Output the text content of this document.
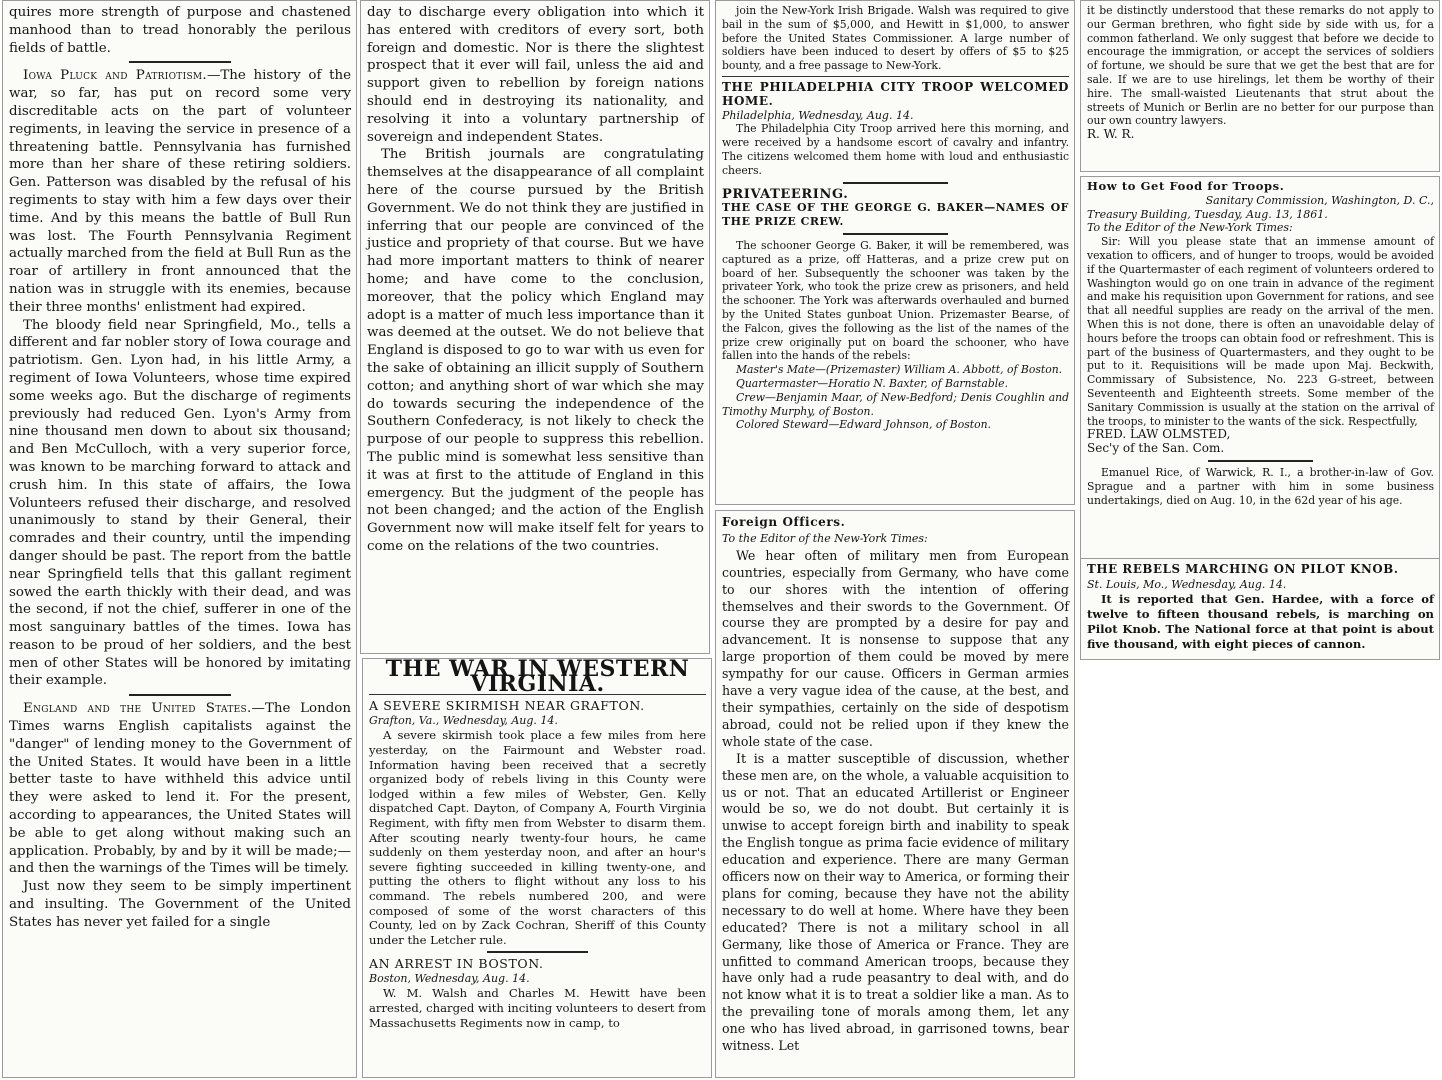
quires more strength of purpose and chastened manhood than to tread honorably the perilous fields of battle.

Iowa Pluck and Patriotism.—The history of the war, so far, has put on record some very discreditable acts on the part of volunteer regiments, in leaving the service in presence of a threatening battle. Pennsylvania has furnished more than her share of these retiring soldiers. Gen. Patterson was disabled by the refusal of his regiments to stay with him a few days over their time. And by this means the battle of Bull Run was lost. The Fourth Pennsylvania Regiment actually marched from the field at Bull Run as the roar of artillery in front announced that the nation was in struggle with its enemies, because their three months' enlistment had expired.

The bloody field near Springfield, Mo., tells a different and far nobler story of Iowa courage and patriotism. Gen. Lyon had, in his little Army, a regiment of Iowa Volunteers, whose time expired some weeks ago. But the discharge of regiments previously had reduced Gen. Lyon's Army from nine thousand men down to about six thousand; and Ben McCulloch, with a very superior force, was known to be marching forward to attack and crush him. In this state of affairs, the Iowa Volunteers refused their discharge, and resolved unanimously to stand by their General, their comrades and their country, until the impending danger should be past. The report from the battle near Springfield tells that this gallant regiment sowed the earth thickly with their dead, and was the second, if not the chief, sufferer in one of the most sanguinary battles of the times. Iowa has reason to be proud of her soldiers, and the best men of other States will be honored by imitating their example.

England and the United States.—The London Times warns English capitalists against the "danger" of lending money to the Government of the United States. It would have been in a little better taste to have withheld this advice until they were asked to lend it. For the present, according to appearances, the United States will be able to get along without making such an application. Probably, by and by it will be made;—and then the warnings of the Times will be timely.

Just now they seem to be simply impertinent and insulting. The Government of the United States has never yet failed for a single

day to discharge every obligation into which it has entered with creditors of every sort, both foreign and domestic. Nor is there the slightest prospect that it ever will fail, unless the aid and support given to rebellion by foreign nations should end in destroying its nationality, and resolving it into a voluntary partnership of sovereign and independent States.

The British journals are congratulating themselves at the disappearance of all complaint here of the course pursued by the British Government. We do not think they are justified in inferring that our people are convinced of the justice and propriety of that course. But we have had more important matters to think of nearer home; and have come to the conclusion, moreover, that the policy which England may adopt is a matter of much less importance than it was deemed at the outset. We do not believe that England is disposed to go to war with us even for the sake of obtaining an illicit supply of Southern cotton; and anything short of war which she may do towards securing the independence of the Southern Confederacy, is not likely to check the purpose of our people to suppress this rebellion. The public mind is somewhat less sensitive than it was at first to the attitude of England in this emergency. But the judgment of the people has not been changed; and the action of the English Government now will make itself felt for years to come on the relations of the two countries.

THE WAR IN WESTERN VIRGINIA.

A SEVERE SKIRMISH NEAR GRAFTON.

Grafton, Va., Wednesday, Aug. 14.

A severe skirmish took place a few miles from here yesterday, on the Fairmount and Webster road. Information having been received that a secretly organized body of rebels living in this County were lodged within a few miles of Webster, Gen. Kelly dispatched Capt. Dayton, of Company A, Fourth Virginia Regiment, with fifty men from Webster to disarm them. After scouting nearly twenty-four hours, he came suddenly on them yesterday noon, and after an hour's severe fighting succeeded in killing twenty-one, and putting the others to flight without any loss to his command. The rebels numbered 200, and were composed of some of the worst characters of this County, led on by Zack Cochran, Sheriff of this County under the Letcher rule.

AN ARREST IN BOSTON.

Boston, Wednesday, Aug. 14.

W. M. Walsh and Charles M. Hewitt have been arrested, charged with inciting volunteers to desert from Massachusetts Regiments now in camp, to

join the New-York Irish Brigade. Walsh was required to give bail in the sum of $5,000, and Hewitt in $1,000, to answer before the United States Commissioner. A large number of soldiers have been induced to desert by offers of $5 to $25 bounty, and a free passage to New-York.

THE PHILADELPHIA CITY TROOP WELCOMED HOME.

Philadelphia, Wednesday, Aug. 14.

The Philadelphia City Troop arrived here this morning, and were received by a handsome escort of cavalry and infantry. The citizens welcomed them home with loud and enthusiastic cheers.

PRIVATEERING.

THE CASE OF THE GEORGE G. BAKER—NAMES OF THE PRIZE CREW.

The schooner George G. Baker, it will be remembered, was captured as a prize, off Hatteras, and a prize crew put on board of her. Subsequently the schooner was taken by the privateer York, who took the prize crew as prisoners, and held the schooner. The York was afterwards overhauled and burned by the United States gunboat Union. Prizemaster Bearse, of the Falcon, gives the following as the list of the names of the prize crew originally put on board the schooner, who have fallen into the hands of the rebels:

Master's Mate—(Prizemaster) William A. Abbott, of Boston.

Quartermaster—Horatio N. Baxter, of Barnstable.

Crew—Benjamin Maar, of New-Bedford; Denis Coughlin and Timothy Murphy, of Boston.

Colored Steward—Edward Johnson, of Boston.

Foreign Officers.

To the Editor of the New-York Times:

We hear often of military men from European countries, especially from Germany, who have come to our shores with the intention of offering themselves and their swords to the Government. Of course they are prompted by a desire for pay and advancement. It is nonsense to suppose that any large proportion of them could be moved by mere sympathy for our cause. Officers in German armies have a very vague idea of the cause, at the best, and their sympathies, certainly on the side of despotism abroad, could not be relied upon if they knew the whole state of the case.

It is a matter susceptible of discussion, whether these men are, on the whole, a valuable acquisition to us or not. That an educated Artillerist or Engineer would be so, we do not doubt. But certainly it is unwise to accept foreign birth and inability to speak the English tongue as prima facie evidence of military education and experience. There are many German officers now on their way to America, or forming their plans for coming, because they have not the ability necessary to do well at home. Where have they been educated? There is not a military school in all Germany, like those of America or France. They are unfitted to command American troops, because they have only had a rude peasantry to deal with, and do not know what it is to treat a soldier like a man. As to the prevailing tone of morals among them, let any one who has lived abroad, in garrisoned towns, bear witness. Let

it be distinctly understood that these remarks do not apply to our German brethren, who fight side by side with us, for a common fatherland. We only suggest that before we decide to encourage the immigration, or accept the services of soldiers of fortune, we should be sure that we get the best that are for sale. If we are to use hirelings, let them be worthy of their hire. The small-waisted Lieutenants that strut about the streets of Munich or Berlin are no better for our purpose than our own country lawyers.

R. W. R.

How to Get Food for Troops.

Sanitary Commission, Washington, D. C.,

Treasury Building, Tuesday, Aug. 13, 1861.

To the Editor of the New-York Times:

Sir: Will you please state that an immense amount of vexation to officers, and of hunger to troops, would be avoided if the Quartermaster of each regiment of volunteers ordered to Washington would go on one train in advance of the regiment and make his requisition upon Government for rations, and see that all needful supplies are ready on the arrival of the men. When this is not done, there is often an unavoidable delay of hours before the troops can obtain food or refreshment. This is part of the business of Quartermasters, and they ought to be put to it. Requisitions will be made upon Maj. Beckwith, Commissary of Subsistence, No. 223 G-street, between Seventeenth and Eighteenth streets. Some member of the Sanitary Commission is usually at the station on the arrival of the troops, to minister to the wants of the sick. Respectfully,

FRED. LAW OLMSTED,

Sec'y of the San. Com.

Emanuel Rice, of Warwick, R. I., a brother-in-law of Gov. Sprague and a partner with him in some business undertakings, died on Aug. 10, in the 62d year of his age.

THE REBELS MARCHING ON PILOT KNOB.

St. Louis, Mo., Wednesday, Aug. 14.

It is reported that Gen. Hardee, with a force of twelve to fifteen thousand rebels, is marching on Pilot Knob. The National force at that point is about five thousand, with eight pieces of cannon.
